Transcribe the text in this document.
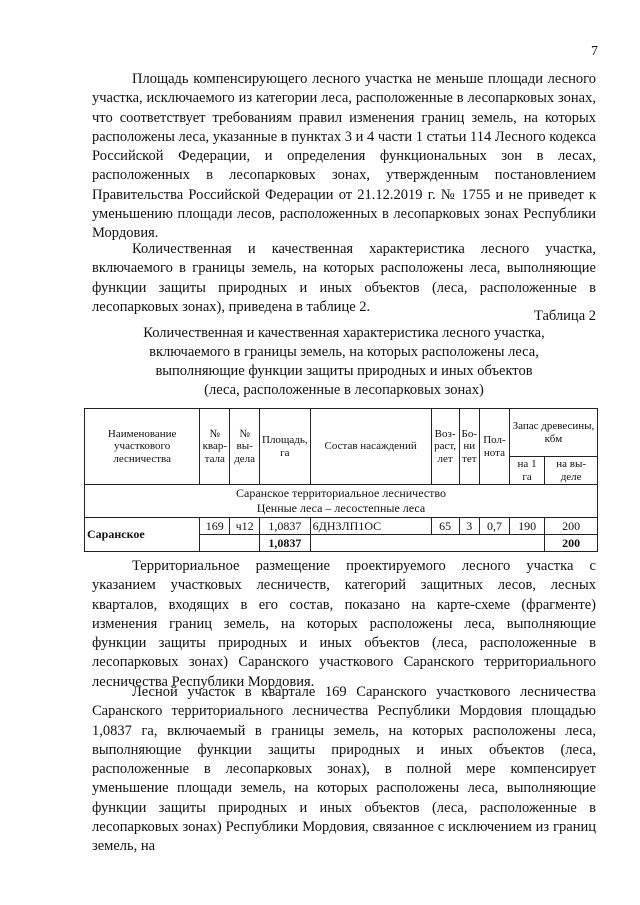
7

Площадь компенсирующего лесного участка не меньше площади лесного участка, исключаемого из категории леса, расположенные в лесопарковых зонах, что соответствует требованиям правил изменения границ земель, на которых расположены леса, указанные в пунктах 3 и 4 части 1 статьи 114 Лесного кодекса Российской Федерации, и определения функциональных зон в лесах, расположенных в лесопарковых зонах, утвержденным постановлением Правительства Российской Федерации от 21.12.2019 г. № 1755 и не приведет к уменьшению площади лесов, расположенных в лесопарковых зонах Республики Мордовия.

Количественная и качественная характеристика лесного участка, включаемого в границы земель, на которых расположены леса, выполняющие функции защиты природных и иных объектов (леса, расположенные в лесопарковых зонах), приведена в таблице 2.

Таблица 2
Количественная и качественная характеристика лесного участка,
включаемого в границы земель, на которых расположены леса,
выполняющие функции защиты природных и иных объектов
(леса, расположенные в лесопарковых зонах)
Наименование участкового лесничества	№ квар-тала	№ вы-дела	Площадь, га	Состав насаждений	Воз-раст, лет	Бо-ни тет	Пол-нота	Запас древесины, кбм	
								на 1 га	на вы-деле

Саранское территориальное лесничество
Ценные леса – лесостепные леса									

Саранское	169	ч12	1,0837	6ДН3ЛП1ОС	65	3	0,7	190	200
			1,0837						200

Территориальное размещение проектируемого лесного участка с указанием участковых лесничеств, категорий защитных лесов, лесных кварталов, входящих в его состав, показано на карте-схеме (фрагменте) изменения границ земель, на которых расположены леса, выполняющие функции защиты природных и иных объектов (леса, расположенные в лесопарковых зонах) Саранского участкового Саранского территориального лесничества Республики Мордовия.

Лесной участок в квартале 169 Саранского участкового лесничества Саранского территориального лесничества Республики Мордовия площадью 1,0837 га, включаемый в границы земель, на которых расположены леса, выполняющие функции защиты природных и иных объектов (леса, расположенные в лесопарковых зонах), в полной мере компенсирует уменьшение площади земель, на которых расположены леса, выполняющие функции защиты природных и иных объектов (леса, расположенные в лесопарковых зонах) Республики Мордовия, связанное с исключением из границ земель, на
